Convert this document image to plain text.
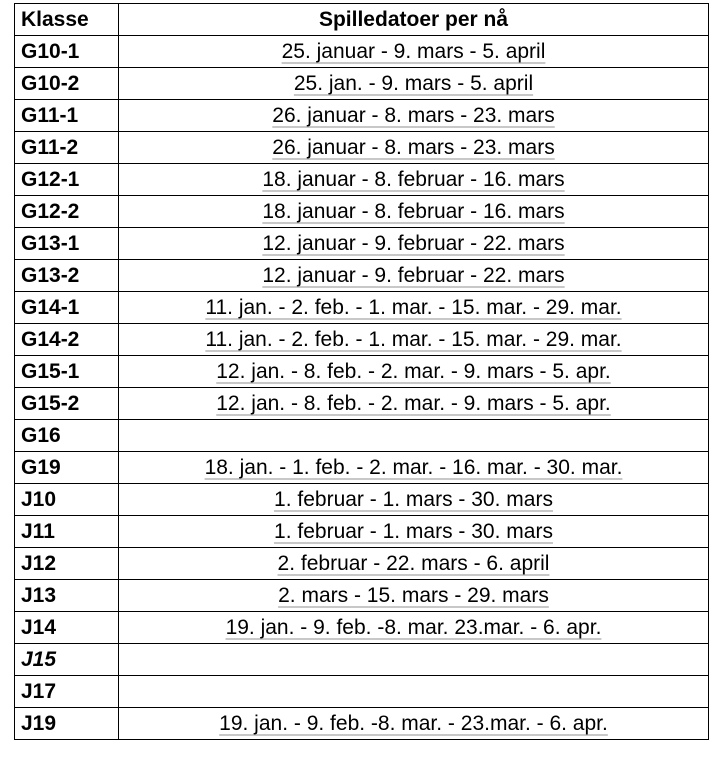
Klasse	Spilledatoer per nå
G10-1	25. januar - 9. mars - 5. april
G10-2	25. jan. - 9. mars - 5. april
G11-1	26. januar - 8. mars - 23. mars
G11-2	26. januar - 8. mars - 23. mars
G12-1	18. januar - 8. februar - 16. mars
G12-2	18. januar - 8. februar - 16. mars
G13-1	12. januar - 9. februar - 22. mars
G13-2	12. januar - 9. februar - 22. mars
G14-1	11. jan. - 2. feb. - 1. mar. - 15. mar. - 29. mar.
G14-2	11. jan. - 2. feb. - 1. mar. - 15. mar. - 29. mar.
G15-1	12. jan. - 8. feb. - 2. mar. - 9. mars - 5. apr.
G15-2	12. jan. - 8. feb. - 2. mar. - 9. mars - 5. apr.
G16	
G19	18. jan. - 1. feb. - 2. mar. - 16. mar. - 30. mar.
J10	1. februar - 1. mars - 30. mars
J11	1. februar - 1. mars - 30. mars
J12	2. februar - 22. mars - 6. april
J13	2. mars - 15. mars - 29. mars
J14	19. jan. - 9. feb. -8. mar. 23.mar. - 6. apr.
J15	
J17	
J19	19. jan. - 9. feb. -8. mar. - 23.mar. - 6. apr.
